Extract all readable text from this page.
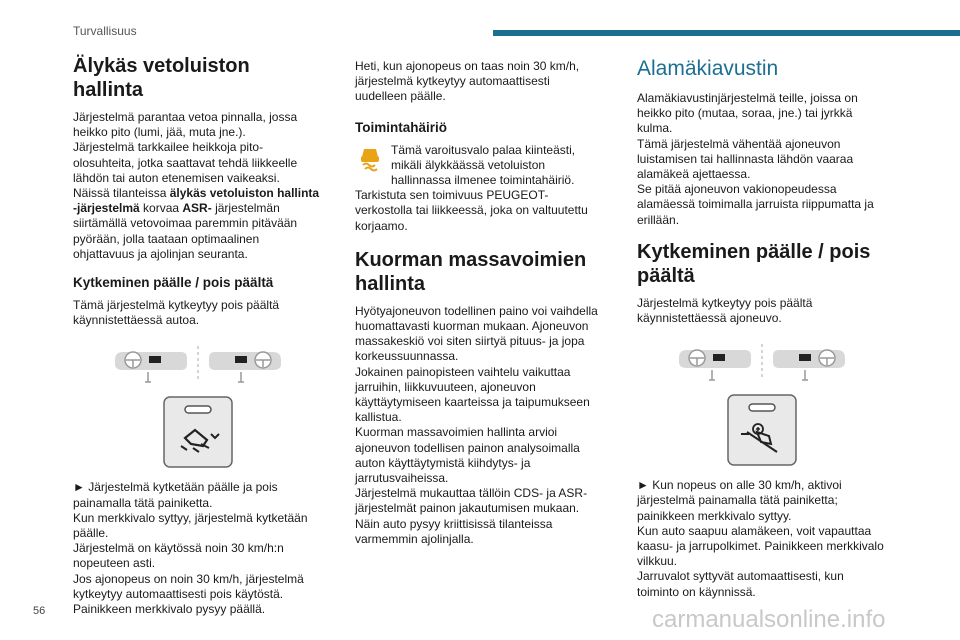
Turvallisuus
Älykäs vetoluiston hallinta

Järjestelmä parantaa vetoa pinnalla, jossa heikko pito (lumi, jää, muta jne.).

Järjestelmä tarkkailee heikkoja pito-olosuhteita, jotka saattavat tehdä liikkeelle lähdön tai auton etenemisen vaikeaksi.

Näissä tilanteissa älykäs vetoluiston hallinta -järjestelmä korvaa ASR- järjestelmän siirtämällä vetovoimaa paremmin pitävään pyörään, jolla taataan optimaalinen ohjattavuus ja ajolinjan seuranta.

Kytkeminen päälle / pois päältä

Tämä järjestelmä kytkeytyy pois päältä käynnistettäessä autoa.

► Järjestelmä kytketään päälle ja pois painamalla tätä painiketta.

Kun merkkivalo syttyy, järjestelmä kytketään päälle.

Järjestelmä on käytössä noin 30 km/h:n nopeuteen asti.

Jos ajonopeus on noin 30 km/h, järjestelmä kytkeytyy automaattisesti pois käytöstä.

Painikkeen merkkivalo pysyy päällä.

Heti, kun ajonopeus on taas noin 30 km/h, järjestelmä kytkeytyy automaattisesti uudelleen päälle.

Toimintahäiriö

Tämä varoitusvalo palaa kiinteästi, mikäli älykkäässä vetoluiston hallinnassa ilmenee toimintahäiriö.

Tarkistuta sen toimivuus PEUGEOT-verkostolla tai liikkeessä, joka on valtuutettu korjaamo.

Kuorman massavoimien hallinta

Hyötyajoneuvon todellinen paino voi vaihdella huomattavasti kuorman mukaan. Ajoneuvon massakeskiö voi siten siirtyä pituus- ja jopa korkeussuunnassa.

Jokainen painopisteen vaihtelu vaikuttaa jarruihin, liikkuvuuteen, ajoneuvon käyttäytymiseen kaarteissa ja taipumukseen kallistua.

Kuorman massavoimien hallinta arvioi ajoneuvon todellisen painon analysoimalla auton käyttäytymistä kiihdytys- ja jarrutusvaiheissa.

Järjestelmä mukauttaa tällöin CDS- ja ASR-järjestelmät painon jakautumisen mukaan. Näin auto pysyy kriittisissä tilanteissa varmemmin ajolinjalla.

Alamäkiavustin

Alamäkiavustinjärjestelmä teille, joissa on heikko pito (mutaa, soraa, jne.) tai jyrkkä kulma.

Tämä järjestelmä vähentää ajoneuvon luistamisen tai hallinnasta lähdön vaaraa alamäkeä ajettaessa.

Se pitää ajoneuvon vakionopeudessa alamäessä toimimalla jarruista riippumatta ja erillään.

Kytkeminen päälle / pois päältä

Järjestelmä kytkeytyy pois päältä käynnistettäessä ajoneuvo.

► Kun nopeus on alle 30 km/h, aktivoi järjestelmä painamalla tätä painiketta;

painikkeen merkkivalo syttyy.

Kun auto saapuu alamäkeen, voit vapauttaa kaasu- ja jarrupolkimet. Painikkeen merkkivalo vilkkuu.

Jarruvalot syttyvät automaattisesti, kun toiminto on käynnissä.

56	carmanualsonline.info
